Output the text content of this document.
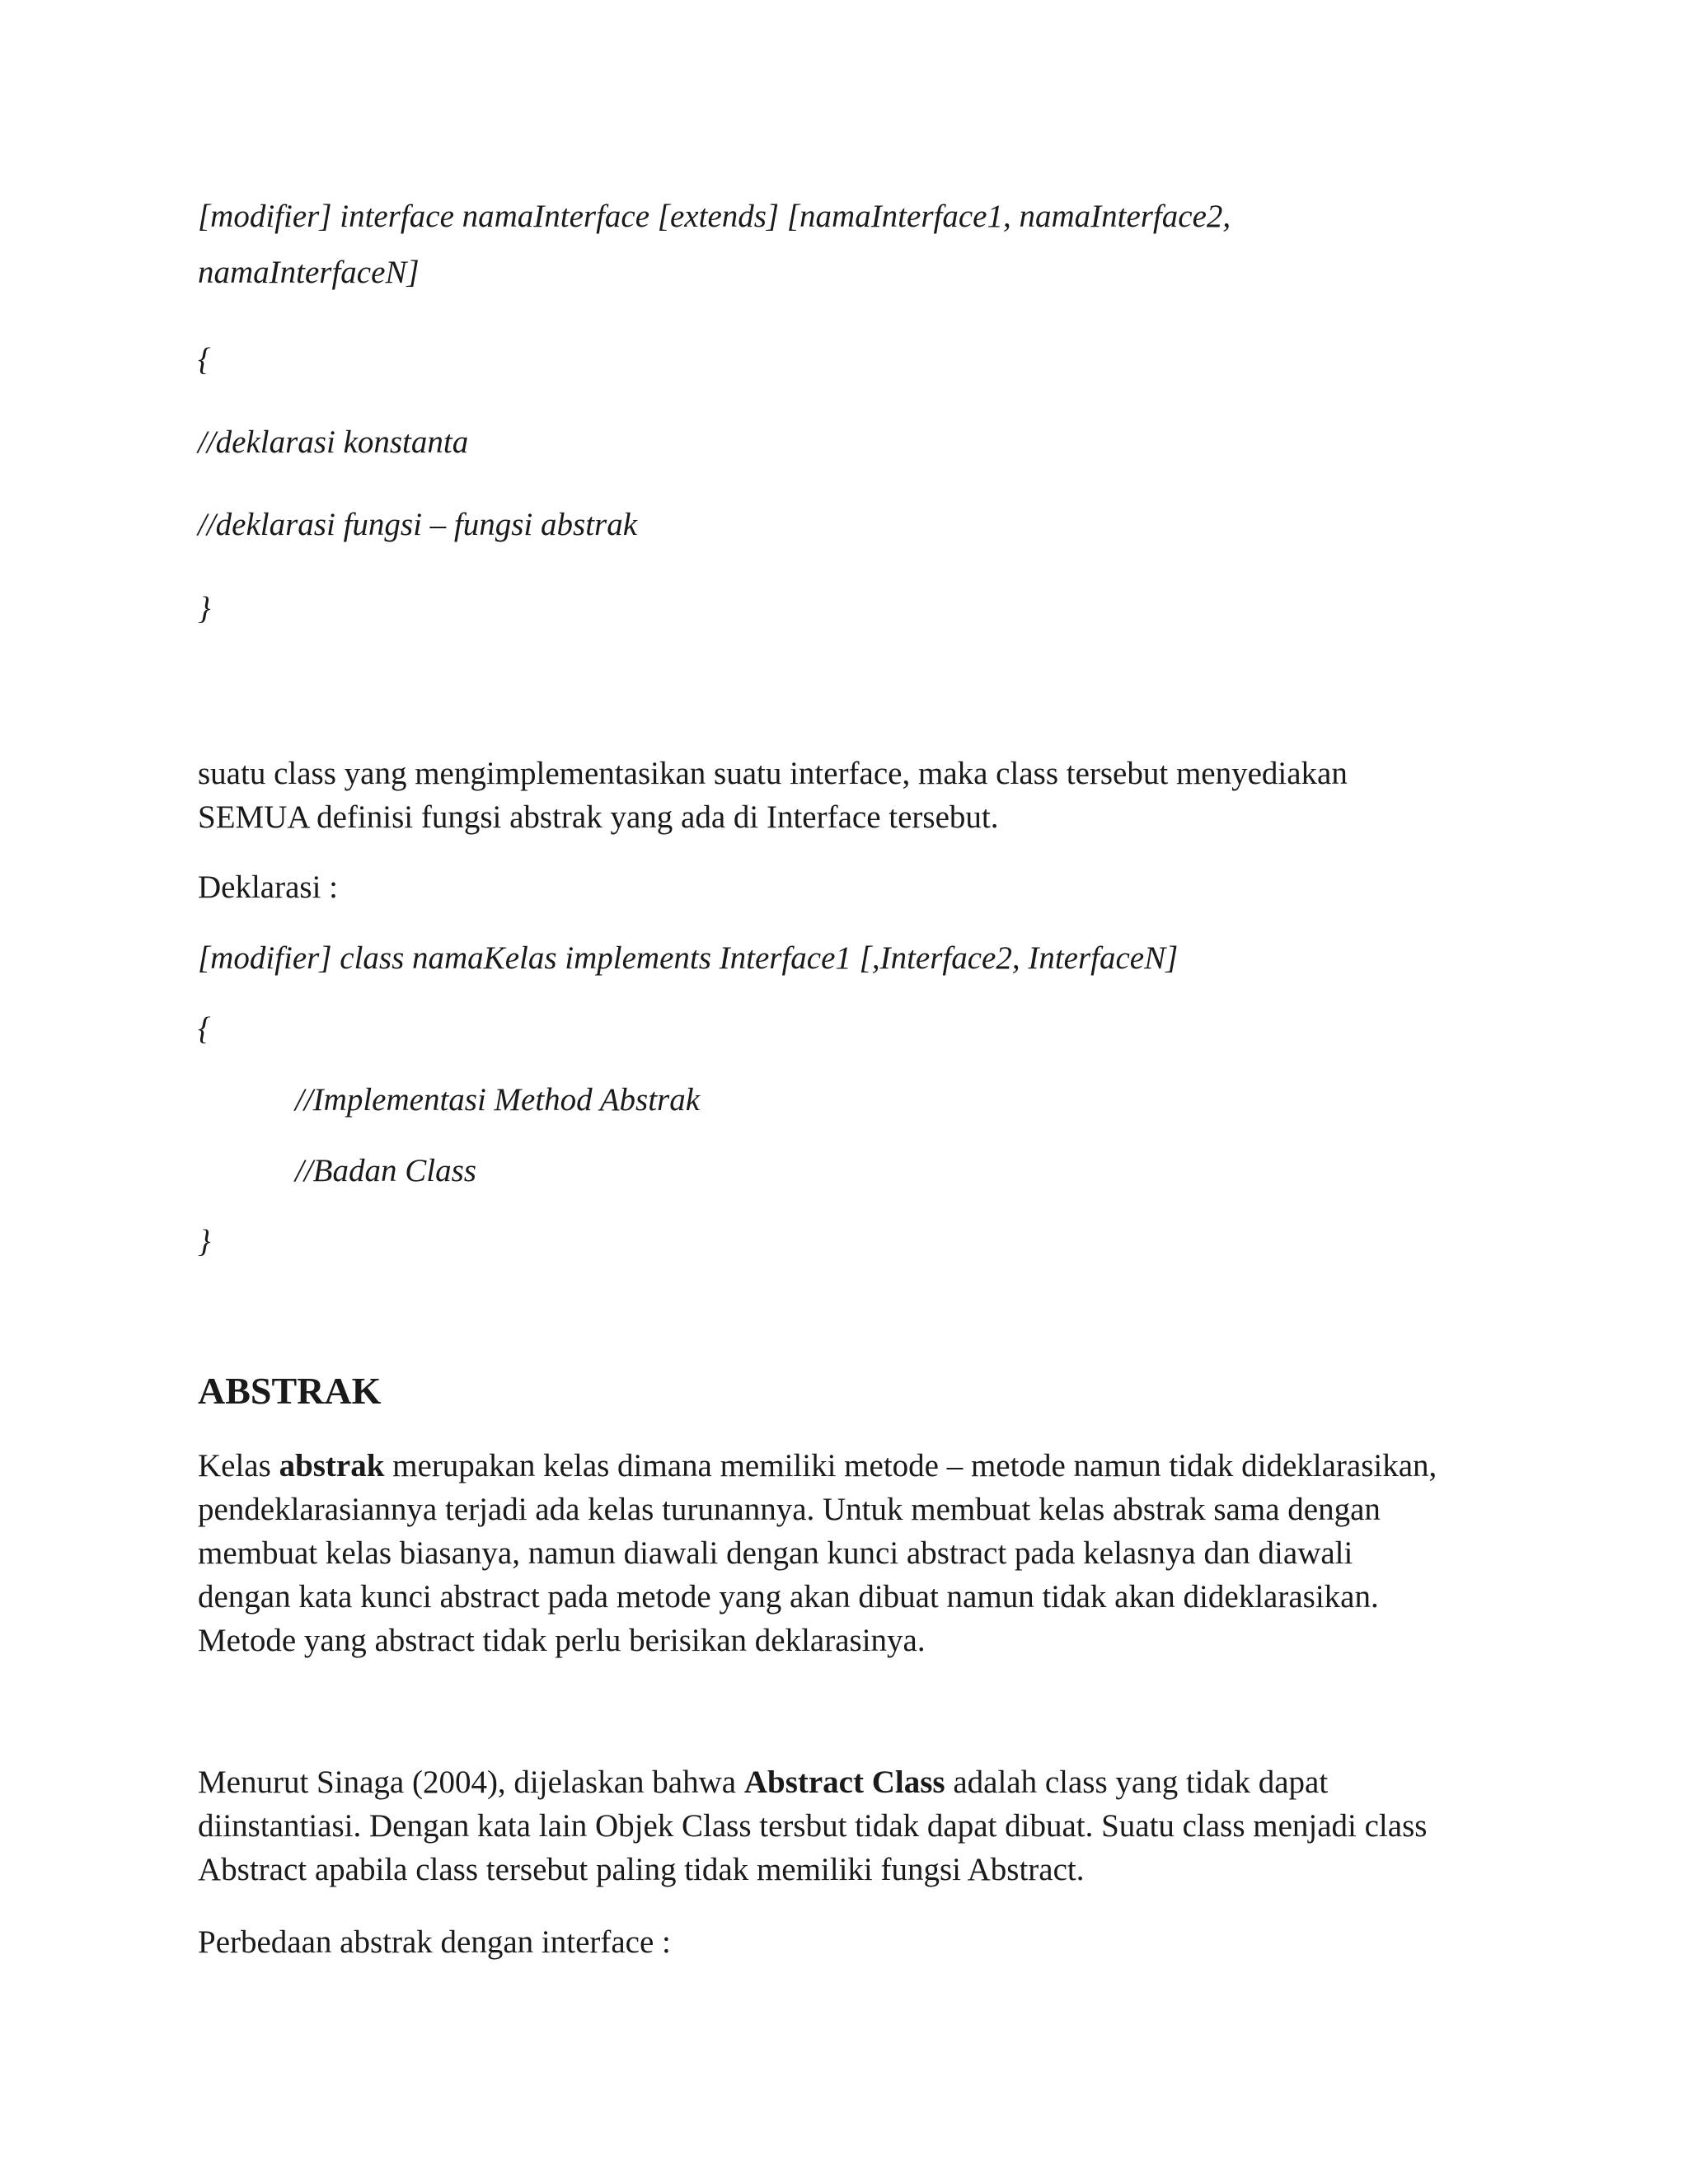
[modifier] interface namaInterface [extends] [namaInterface1, namaInterface2,

namaInterfaceN]

{

//deklarasi konstanta

//deklarasi fungsi – fungsi abstrak

}

suatu class yang mengimplementasikan suatu interface, maka class tersebut menyediakan

SEMUA definisi fungsi abstrak yang ada di Interface tersebut.

Deklarasi :

[modifier] class namaKelas implements Interface1 [,Interface2, InterfaceN]

{

//Implementasi Method Abstrak

//Badan Class

}

ABSTRAK

Kelas abstrak merupakan kelas dimana memiliki metode – metode namun tidak dideklarasikan,

pendeklarasiannya terjadi ada kelas turunannya. Untuk membuat kelas abstrak sama dengan

membuat kelas biasanya, namun diawali dengan kunci abstract pada kelasnya dan diawali

dengan kata kunci abstract pada metode yang akan dibuat namun tidak akan dideklarasikan.

Metode yang abstract tidak perlu berisikan deklarasinya.

Menurut Sinaga (2004), dijelaskan bahwa Abstract Class adalah class yang tidak dapat

diinstantiasi. Dengan kata lain Objek Class tersbut tidak dapat dibuat. Suatu class menjadi class

Abstract apabila class tersebut paling tidak memiliki fungsi Abstract.

Perbedaan abstrak dengan interface :
